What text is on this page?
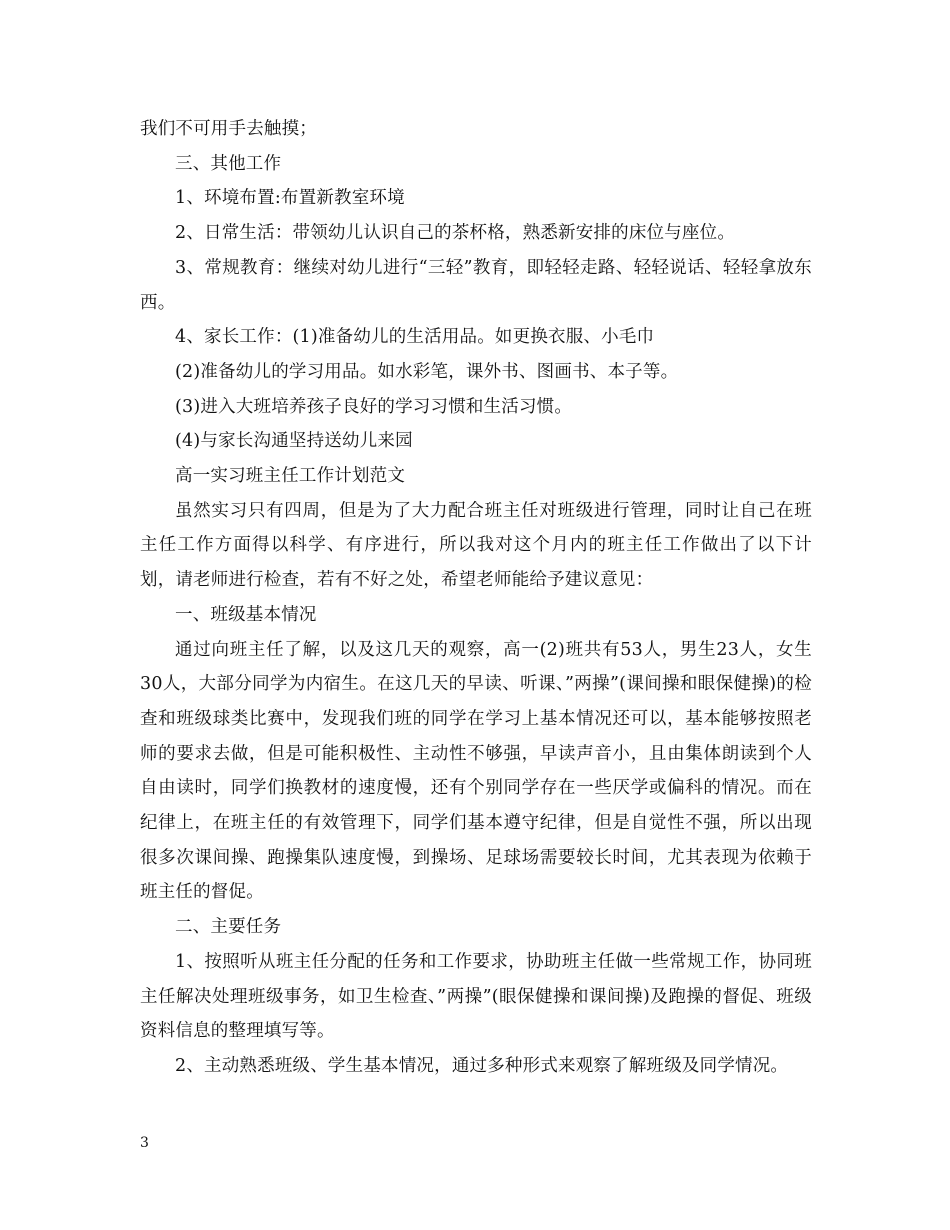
我们不可用手去触摸；

三、其他工作

1、环境布置:布置新教室环境

2、日常生活：带领幼儿认识自己的茶杯格，熟悉新安排的床位与座位。

3、常规教育：继续对幼儿进行“三轻”教育，即轻轻走路、轻轻说话、轻轻拿放东西。

4、家长工作：(1)准备幼儿的生活用品。如更换衣服、小毛巾

(2)准备幼儿的学习用品。如水彩笔，课外书、图画书、本子等。

(3)进入大班培养孩子良好的学习习惯和生活习惯。

(4)与家长沟通坚持送幼儿来园

高一实习班主任工作计划范文

虽然实习只有四周，但是为了大力配合班主任对班级进行管理，同时让自己在班主任工作方面得以科学、有序进行，所以我对这个月内的班主任工作做出了以下计划，请老师进行检查，若有不好之处，希望老师能给予建议意见：

一、班级基本情况

通过向班主任了解，以及这几天的观察，高一(2)班共有53人，男生23人，女生30人，大部分同学为内宿生。在这几天的早读、听课、”两操”(课间操和眼保健操)的检查和班级球类比赛中，发现我们班的同学在学习上基本情况还可以，基本能够按照老师的要求去做，但是可能积极性、主动性不够强，早读声音小，且由集体朗读到个人自由读时，同学们换教材的速度慢，还有个别同学存在一些厌学或偏科的情况。而在纪律上，在班主任的有效管理下，同学们基本遵守纪律，但是自觉性不强，所以出现很多次课间操、跑操集队速度慢，到操场、足球场需要较长时间，尤其表现为依赖于班主任的督促。

二、主要任务

1、按照听从班主任分配的任务和工作要求，协助班主任做一些常规工作，协同班主任解决处理班级事务，如卫生检查、”两操”(眼保健操和课间操)及跑操的督促、班级资料信息的整理填写等。

2、主动熟悉班级、学生基本情况，通过多种形式来观察了解班级及同学情况。

3
